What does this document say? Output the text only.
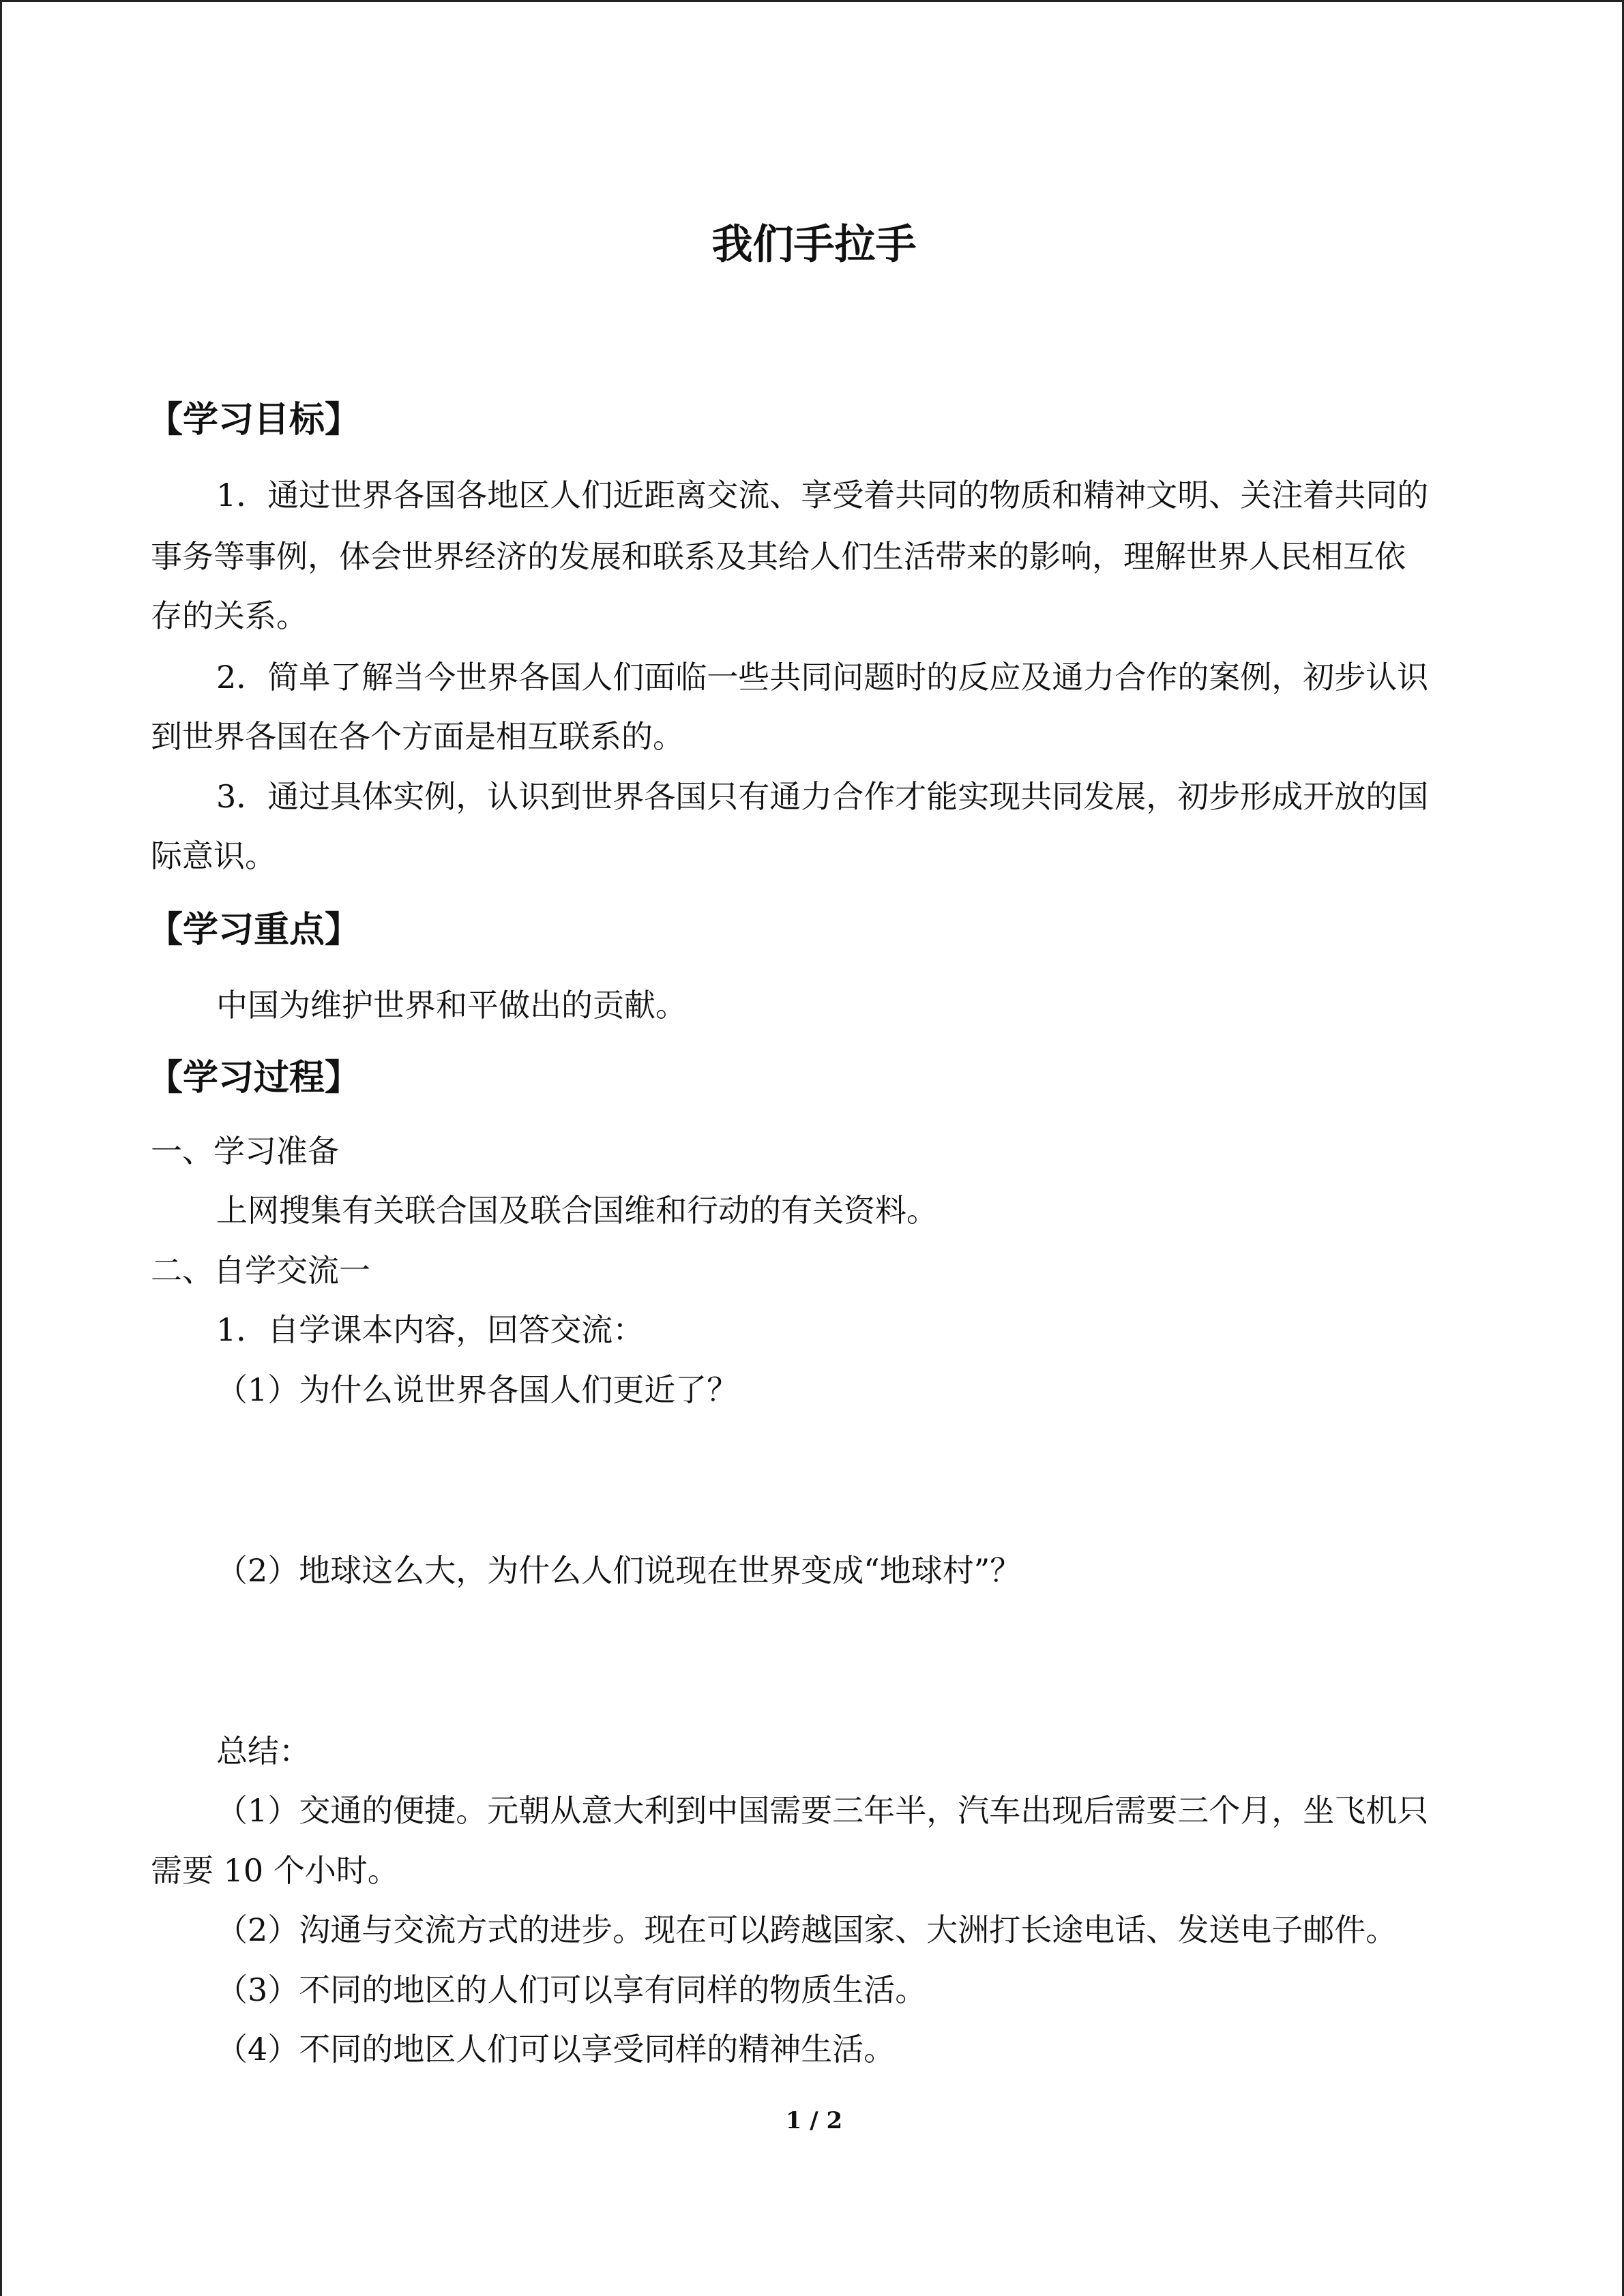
我们手拉手
【学习目标】
1．通过世界各国各地区人们近距离交流、享受着共同的物质和精神文明、关注着共同的
事务等事例，体会世界经济的发展和联系及其给人们生活带来的影响，理解世界人民相互依
存的关系。
2．简单了解当今世界各国人们面临一些共同问题时的反应及通力合作的案例，初步认识
到世界各国在各个方面是相互联系的。
3．通过具体实例，认识到世界各国只有通力合作才能实现共同发展，初步形成开放的国
际意识。
【学习重点】
中国为维护世界和平做出的贡献。
【学习过程】
一、学习准备
上网搜集有关联合国及联合国维和行动的有关资料。
二、自学交流一
1．自学课本内容，回答交流：
（1）为什么说世界各国人们更近了？
（2）地球这么大，为什么人们说现在世界变成“地球村”？
总结：
（1）交通的便捷。元朝从意大利到中国需要三年半，汽车出现后需要三个月，坐飞机只
需要 10 个小时。
（2）沟通与交流方式的进步。现在可以跨越国家、大洲打长途电话、发送电子邮件。
（3）不同的地区的人们可以享有同样的物质生活。
（4）不同的地区人们可以享受同样的精神生活。
1 / 2
